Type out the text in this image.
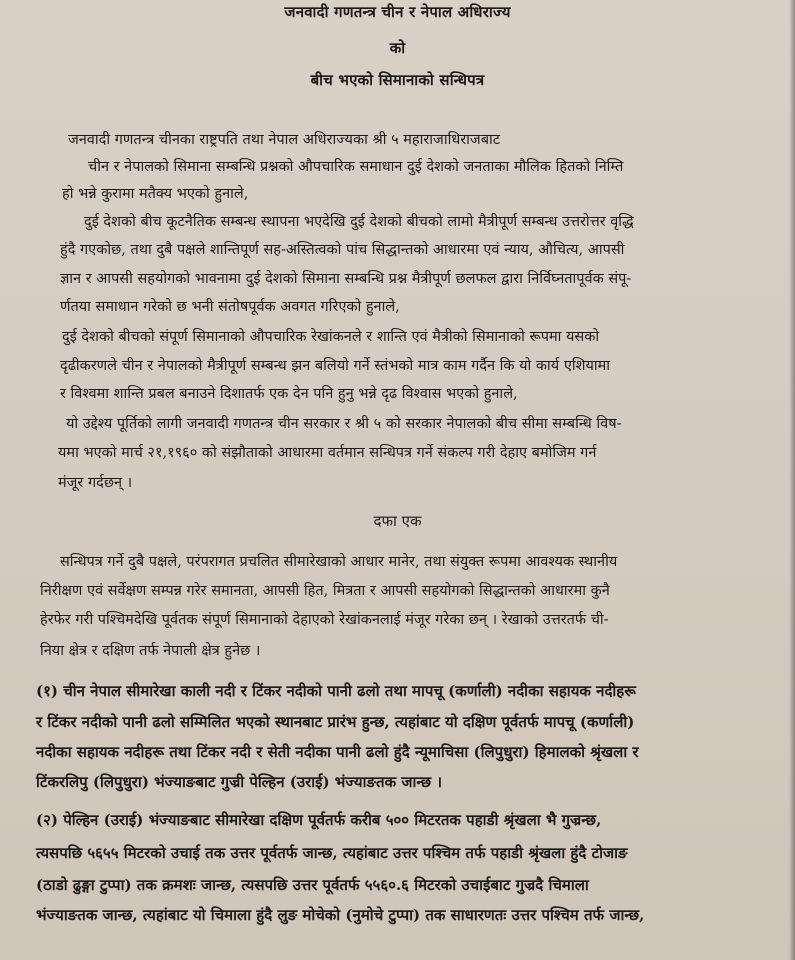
जनवादी गणतन्त्र चीन र नेपाल अधिराज्य
को
बीच भएको सिमानाको सन्धिपत्र
जनवादी गणतन्त्र चीनका राष्ट्रपति तथा नेपाल अधिराज्यका श्री ५ महाराजाधिराजबाट
चीन र नेपालको सिमाना सम्बन्धि प्रश्नको औपचारिक समाधान दुई देशको जनताका मौलिक हितको निम्ति
हो भन्ने कुरामा मतैक्य भएको हुनाले,
दुई देशको बीच कूटनैतिक सम्बन्ध स्थापना भएदेखि दुई देशको बीचको लामो मैत्रीपूर्ण सम्बन्ध उत्तरोत्तर वृद्धि
हुंदै गएकोछ, तथा दुबै पक्षले शान्तिपूर्ण सह-अस्तित्वको पांच सिद्धान्तको आधारमा एवं न्याय, औचित्य, आपसी
ज्ञान र आपसी सहयोगको भावनामा दुई देशको सिमाना सम्बन्धि प्रश्न मैत्रीपूर्ण छलफल द्वारा निर्विघ्नतापूर्वक संपू-
र्णतया समाधान गरेको छ भनी संतोषपूर्वक अवगत गरिएको हुनाले,
दुई देशको बीचको संपूर्ण सिमानाको औपचारिक रेखांकनले र शान्ति एवं मैत्रीको सिमानाको रूपमा यसको
दृढीकरणले चीन र नेपालको मैत्रीपूर्ण सम्बन्ध झन बलियो गर्ने स्तंभको मात्र काम गर्दैन कि यो कार्य एशियामा
र विश्वमा शान्ति प्रबल बनाउने दिशातर्फ एक देन पनि हुनु भन्ने दृढ विश्वास भएको हुनाले,
यो उद्देश्य पूर्तिको लागी जनवादी गणतन्त्र चीन सरकार र श्री ५ को सरकार नेपालको बीच सीमा सम्बन्धि विष-
यमा भएको मार्च २१,१९६० को संझौताको आधारमा वर्तमान सन्धिपत्र गर्ने संकल्प गरी देहाए बमोजिम गर्न
मंजूर गर्दछन् ।
दफा एक
सन्धिपत्र गर्ने दुबै पक्षले, परंपरागत प्रचलित सीमारेखाको आधार मानेर, तथा संयुक्त रूपमा आवश्यक स्थानीय
निरीक्षण एवं सर्वेक्षण सम्पन्न गरेर समानता, आपसी हित, मित्रता र आपसी सहयोगको सिद्धान्तको आधारमा कुनै
हेरफेर गरी पश्चिमदेखि पूर्वतक संपूर्ण सिमानाको देहाएको रेखांकनलाई मंजूर गरेका छन् । रेखाको उत्तरतर्फ ची-
निया क्षेत्र र दक्षिण तर्फ नेपाली क्षेत्र हुनेछ ।
(१) चीन नेपाल सीमारेखा काली नदी र टिंकर नदीको पानी ढलो तथा मापचू (कर्णाली) नदीका सहायक नदीहरू
र टिंकर नदीको पानी ढलो सम्मिलित भएको स्थानबाट प्रारंभ हुन्छ, त्यहांबाट यो दक्षिण पूर्वतर्फ मापचू (कर्णाली)
नदीका सहायक नदीहरू तथा टिंकर नदी र सेती नदीका पानी ढलो हुंदै न्यूमाचिसा (लिपुधुरा) हिमालको श्रृंखला र
टिंकरलिपु (लिपुधुरा) भंज्याङबाट गुज्री पेल्हिन (उराई) भंज्याङतक जान्छ ।
(२) पेल्हिन (उराई) भंज्याङबाट सीमारेखा दक्षिण पूर्वतर्फ करीब ५०० मिटरतक पहाडी श्रृंखला भै गुज्रन्छ,
त्यसपछि ५६५५ मिटरको उचाई तक उत्तर पूर्वतर्फ जान्छ, त्यहांबाट उत्तर पश्चिम तर्फ पहाडी श्रृंखला हुंदै टोजाङ
(ठाडो ढुङ्गा टुप्पा) तक क्रमशः जान्छ, त्यसपछि उत्तर पूर्वतर्फ ५५६०.६ मिटरको उचाईबाट गुज्रदै चिमाला
भंज्याङतक जान्छ, त्यहांबाट यो चिमाला हुंदै लुङ मोचेको (नुमोचे टुप्पा) तक साधारणतः उत्तर पश्चिम तर्फ जान्छ,
